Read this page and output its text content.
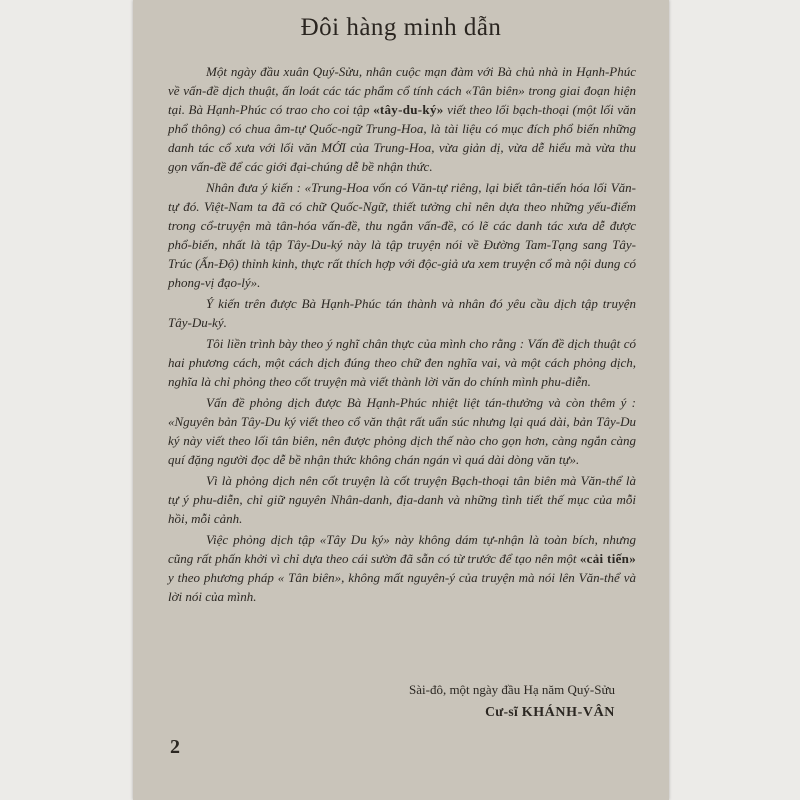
Đôi hàng minh dẫn

Một ngày đầu xuân Quý-Sửu, nhân cuộc mạn đàm với Bà chủ nhà in Hạnh-Phúc về vấn-đề dịch thuật, ấn loát các tác phẩm cổ tính cách «Tân biên» trong giai đoạn hiện tại. Bà Hạnh-Phúc có trao cho coi tập «tây-du-ký» viết theo lối bạch-thoại (một lối văn phổ thông) có chua âm-tự Quốc-ngữ Trung-Hoa, là tài liệu có mục đích phổ biến những danh tác cổ xưa với lối văn MỚI của Trung-Hoa, vừa giản dị, vừa dễ hiểu mà vừa thu gọn vấn-đề để các giới đại-chúng dễ bề nhận thức.

Nhân đưa ý kiến : «Trung-Hoa vốn có Văn-tự riêng, lại biết tân-tiến hóa lối Văn-tự đó. Việt-Nam ta đã có chữ Quốc-Ngữ, thiết tưởng chỉ nên dựa theo những yếu-điểm trong cổ-truyện mà tân-hóa vấn-đề, thu ngắn vấn-đề, có lẽ các danh tác xưa dễ được phổ-biến, nhất là tập Tây-Du-ký này là tập truyện nói về Đường Tam-Tạng sang Tây-Trúc (Ấn-Độ) thỉnh kinh, thực rất thích hợp với độc-giả ưa xem truyện cổ mà nội dung có phong-vị đạo-lý».

Ý kiến trên được Bà Hạnh-Phúc tán thành và nhân đó yêu cầu dịch tập truyện Tây-Du-ký.

Tôi liền trình bày theo ý nghĩ chân thực của mình cho rằng : Vấn đề dịch thuật có hai phương cách, một cách dịch đúng theo chữ đen nghĩa vai, và một cách phỏng dịch, nghĩa là chỉ phỏng theo cốt truyện mà viết thành lời văn do chính mình phu-diễn.

Vấn đề phỏng dịch được Bà Hạnh-Phúc nhiệt liệt tán-thưởng và còn thêm ý : «Nguyên bản Tây-Du ký viết theo cổ văn thật rất uẩn súc nhưng lại quá dài, bản Tây-Du ký này viết theo lối tân biên, nên được phỏng dịch thế nào cho gọn hơn, càng ngắn càng quí đặng người đọc dễ bề nhận thức không chán ngán vì quá dài dòng văn tự».

Vì là phỏng dịch nên cốt truyện là cốt truyện Bạch-thoại tân biên mà Văn-thể là tự ý phu-diễn, chỉ giữ nguyên Nhân-danh, địa-danh và những tình tiết thế mục của mỗi hồi, mỗi cảnh.

Việc phỏng dịch tập «Tây Du ký» này không dám tự-nhận là toàn bích, nhưng cũng rất phấn khởi vì chỉ dựa theo cái sườn đã sẵn có từ trước để tạo nên một «cải tiến» y theo phương pháp « Tân biên», không mất nguyên-ý của truyện mà nói lên Văn-thể và lời nói của mình.

Sài-đô, một ngày đầu Hạ năm Quý-Sửu
Cư-sĩ KHÁNH-VÂN
2
